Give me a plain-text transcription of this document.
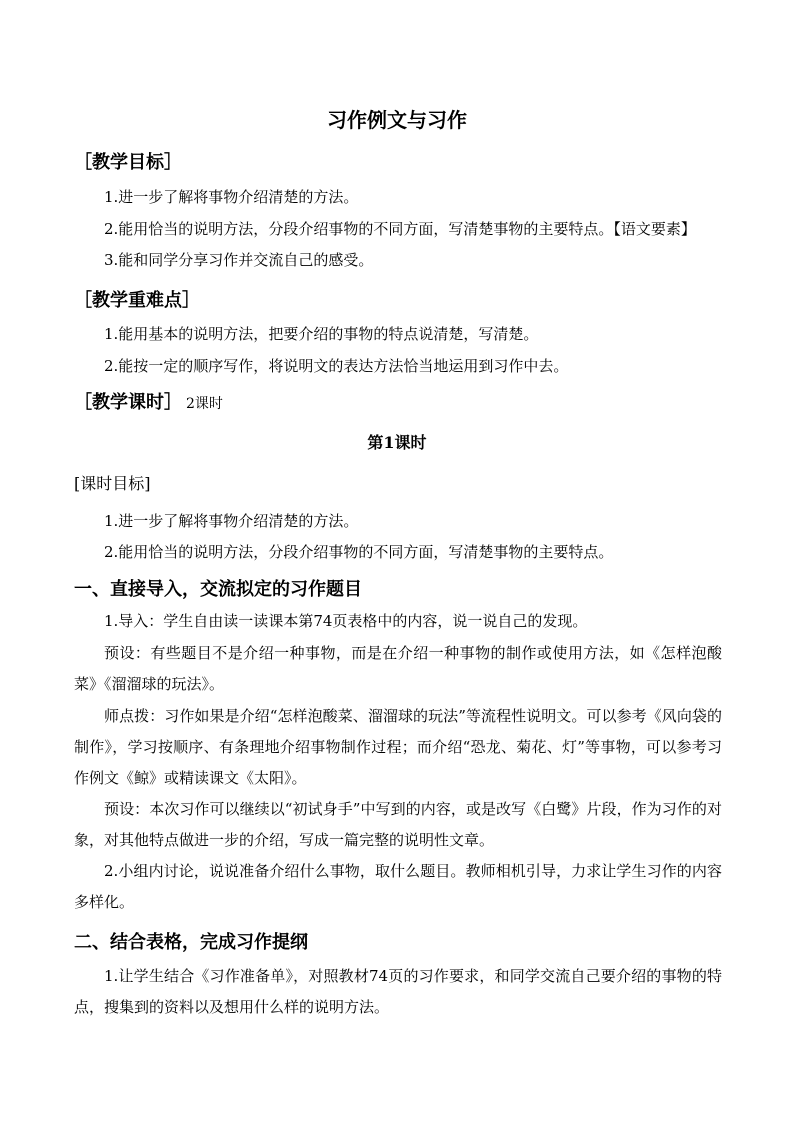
习作例文与习作
［教学目标］
1.进一步了解将事物介绍清楚的方法。
2.能用恰当的说明方法，分段介绍事物的不同方面，写清楚事物的主要特点。【语文要素】
3.能和同学分享习作并交流自己的感受。
［教学重难点］
1.能用基本的说明方法，把要介绍的事物的特点说清楚，写清楚。
2.能按一定的顺序写作，将说明文的表达方法恰当地运用到习作中去。
［教学课时］ 2课时
第1课时
[课时目标]
1.进一步了解将事物介绍清楚的方法。
2.能用恰当的说明方法，分段介绍事物的不同方面，写清楚事物的主要特点。
一、直接导入，交流拟定的习作题目
1.导入：学生自由读一读课本第74页表格中的内容，说一说自己的发现。
预设：有些题目不是介绍一种事物，而是在介绍一种事物的制作或使用方法，如《怎样泡酸菜》《溜溜球的玩法》。
师点拨：习作如果是介绍“怎样泡酸菜、溜溜球的玩法”等流程性说明文。可以参考《风向袋的制作》，学习按顺序、有条理地介绍事物制作过程；而介绍“恐龙、菊花、灯”等事物，可以参考习作例文《鲸》或精读课文《太阳》。
预设：本次习作可以继续以“初试身手”中写到的内容，或是改写《白鹭》片段，作为习作的对象，对其他特点做进一步的介绍，写成一篇完整的说明性文章。
2.小组内讨论，说说准备介绍什么事物，取什么题目。教师相机引导，力求让学生习作的内容多样化。
二、结合表格，完成习作提纲
1.让学生结合《习作准备单》，对照教材74页的习作要求，和同学交流自己要介绍的事物的特点，搜集到的资料以及想用什么样的说明方法。
